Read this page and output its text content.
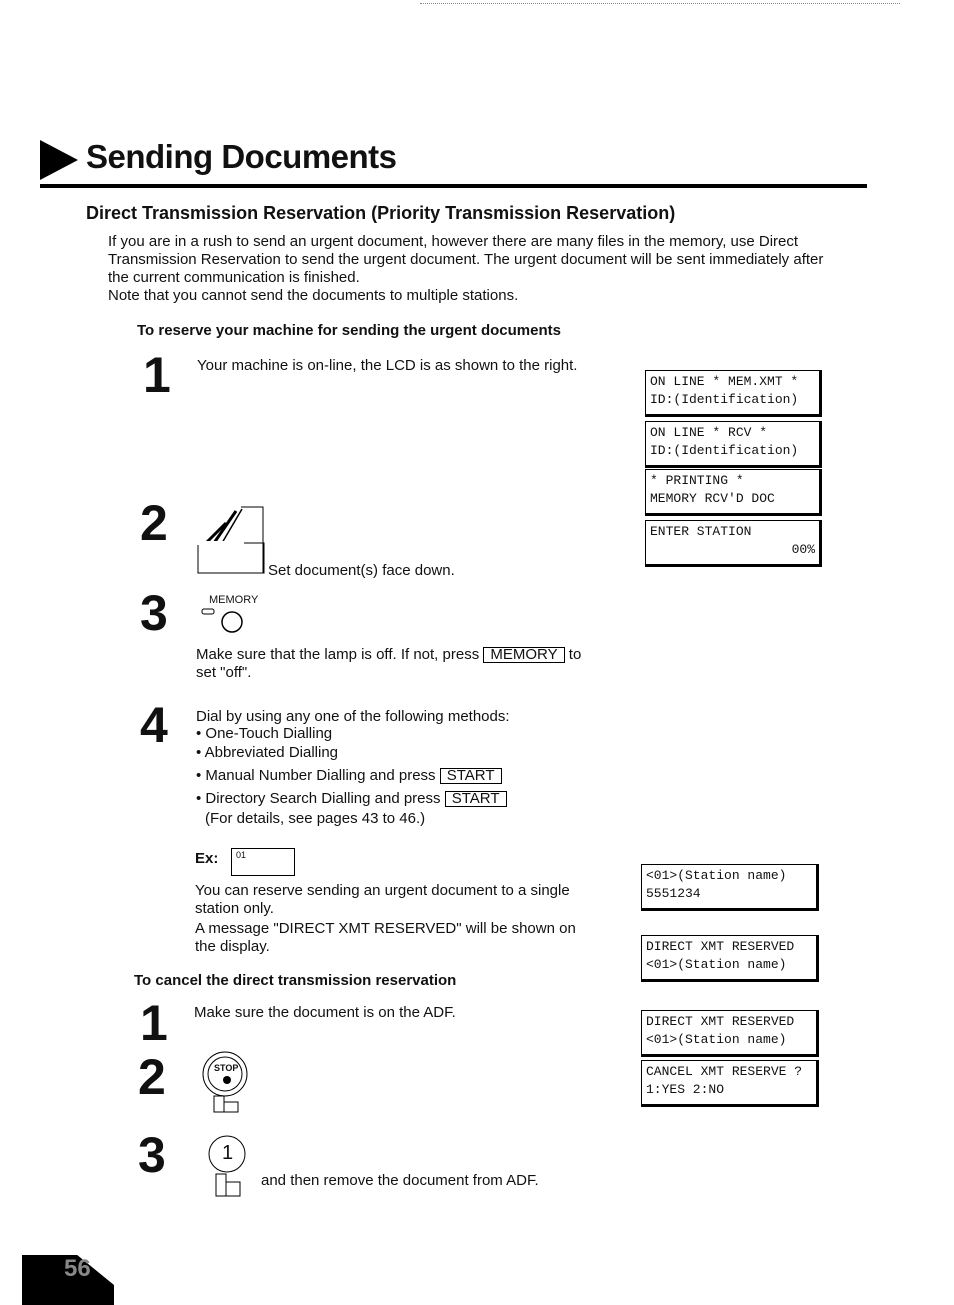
Sending Documents
Direct Transmission Reservation (Priority Transmission Reservation)
If you are in a rush to send an urgent document, however there are many files in the memory, use Direct
Transmission Reservation to send the urgent document. The urgent document will be sent immediately after
the current communication is finished.
Note that you cannot send the documents to multiple stations.
To reserve your machine for sending the urgent documents
1 Your machine is on-line, the LCD is as shown to the right.
2
Set document(s) face down.
3	MEMORY
Make sure that the lamp is off. If not, press MEMORY to
set "off".
4 Dial by using any one of the following methods:
• One-Touch Dialling
• Abbreviated Dialling
• Manual Number Dialling and press START
• Directory Search Dialling and press START
(For details, see pages 43 to 46.)
Ex:	01
You can reserve sending an urgent document to a single
station only.
A message "DIRECT XMT RESERVED" will be shown on
the display.
To cancel the direct transmission reservation
1 Make sure the document is on the ADF.
2	STOP
3	1
and then remove the document from ADF.
ON LINE * MEM.XMT *
ID:(Identification)
ON LINE * RCV *
ID:(Identification)
* PRINTING *
MEMORY RCV'D DOC
ENTER STATION
00%
<01>(Station name)
5551234
DIRECT XMT RESERVED
<01>(Station name)
DIRECT XMT RESERVED
<01>(Station name)
CANCEL XMT RESERVE ?
1:YES 2:NO
56
